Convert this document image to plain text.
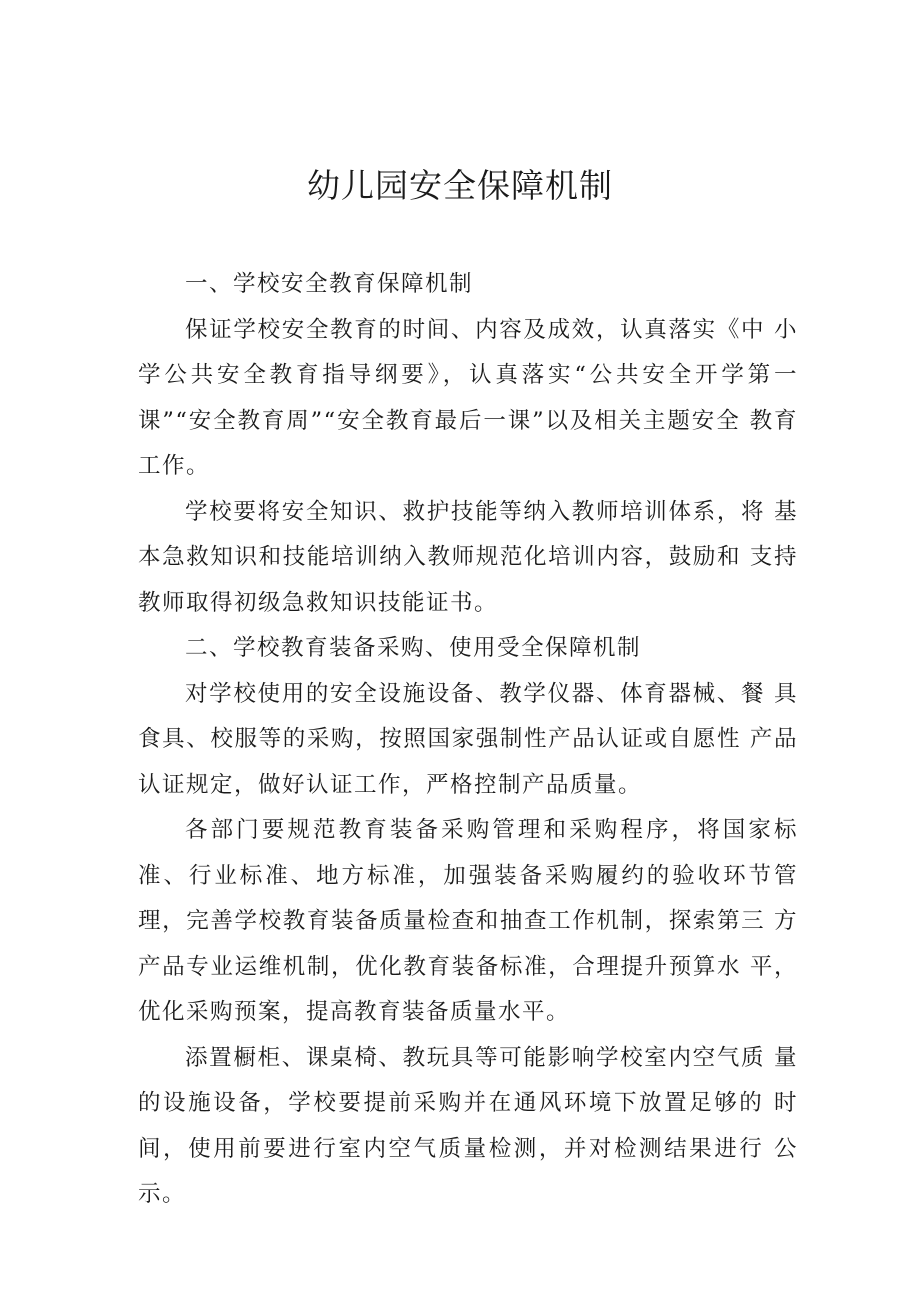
幼儿园安全保障机制

一、学校安全教育保障机制

保证学校安全教育的时间、内容及成效，认真落实《中 小学公共安全教育指导纲要》，认真落实“公共安全开学第一 课”“安全教育周”“安全教育最后一课”以及相关主题安全 教育工作。

学校要将安全知识、救护技能等纳入教师培训体系，将 基本急救知识和技能培训纳入教师规范化培训内容，鼓励和 支持教师取得初级急救知识技能证书。

二、学校教育装备采购、使用受全保障机制

对学校使用的安全设施设备、教学仪器、体育器械、餐 具食具、校服等的采购，按照国家强制性产品认证或自愿性 产品认证规定，做好认证工作，严格控制产品质量。

各部门要规范教育装备采购管理和采购程序，将国家标 准、行业标准、地方标准，加强装备采购履约的验收环节管 理，完善学校教育装备质量检查和抽查工作机制，探索第三 方产品专业运维机制，优化教育装备标准，合理提升预算水 平，优化采购预案，提高教育装备质量水平。

添置橱柜、课桌椅、教玩具等可能影响学校室内空气质 量的设施设备，学校要提前采购并在通风环境下放置足够的 时间，使用前要进行室内空气质量检测，并对检测结果进行 公示。
